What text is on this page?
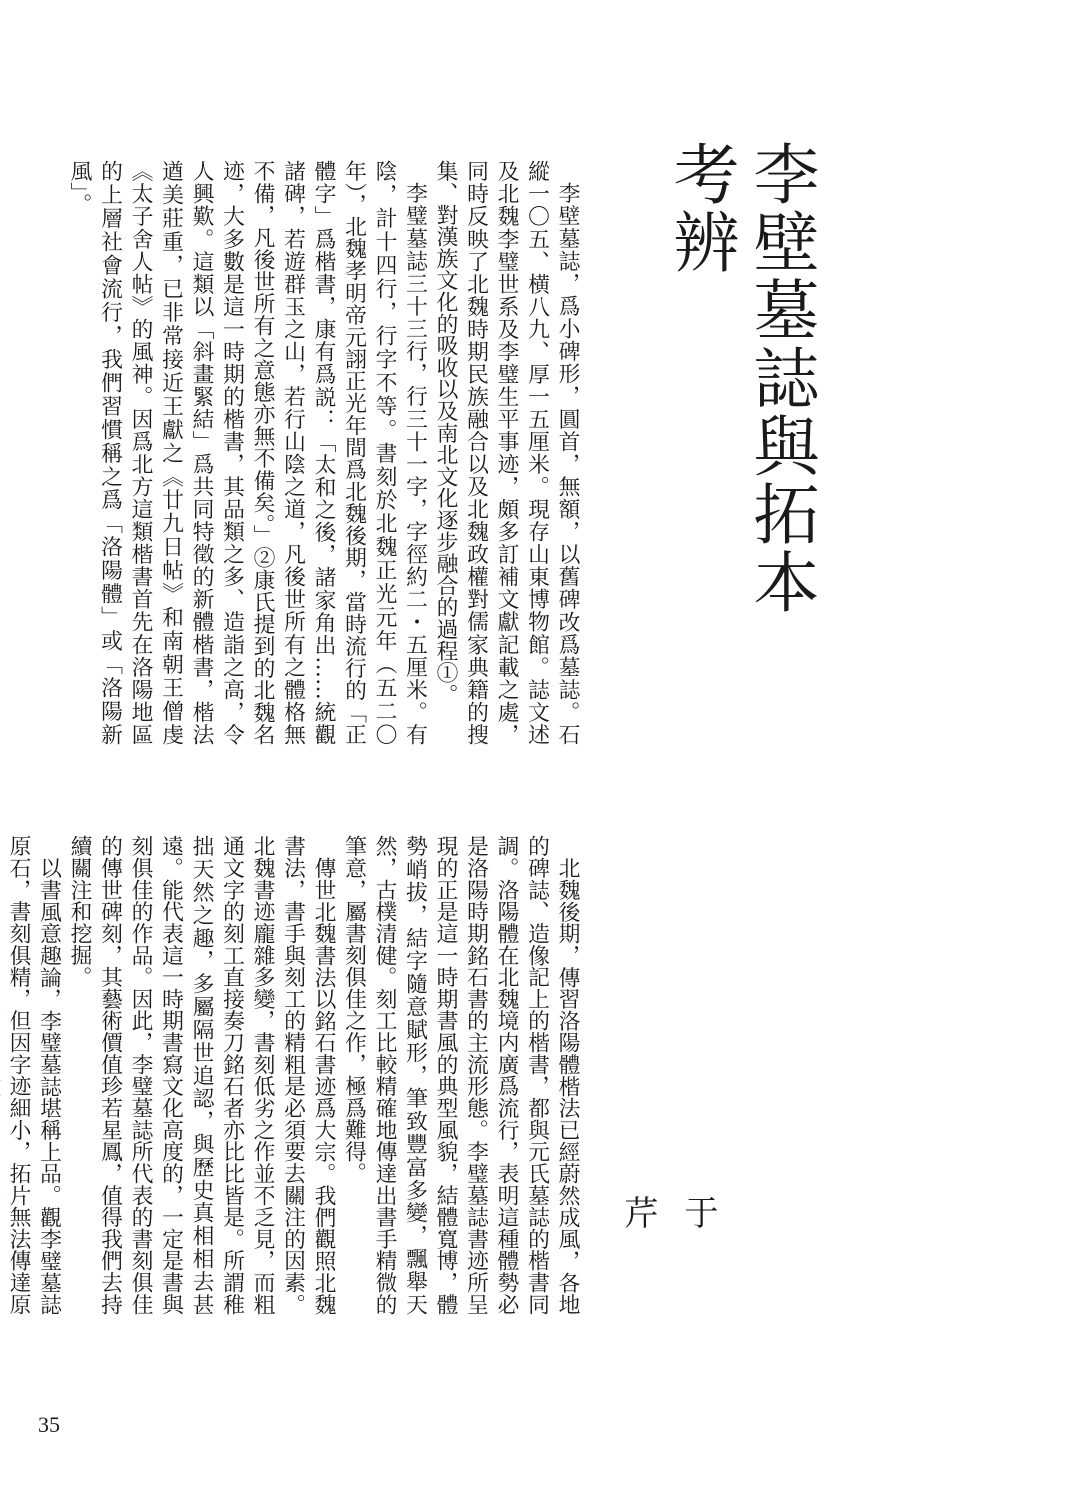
李壁墓誌與拓本考辨
于 芹

李壁墓誌，爲小碑形，圓首，無額，以舊碑改爲墓誌。石縱一〇五、横八九、厚一五厘米。現存山東博物館。誌文述及北魏李璧世系及李璧生平事迹，頗多訂補文獻記載之處，同時反映了北魏時期民族融合以及北魏政權對儒家典籍的搜集、對漢族文化的吸收以及南北文化逐步融合的過程①。

李璧墓誌三十三行，行三十一字，字徑約二・五厘米。有陰，計十四行，行字不等。書刻於北魏正光元年（五二〇年），北魏孝明帝元詡正光年間爲北魏後期，當時流行的「正體字」爲楷書，康有爲説：「太和之後，諸家角出……統觀諸碑，若遊群玉之山，若行山陰之道，凡後世所有之體格無不備，凡後世所有之意態亦無不備矣。」②康氏提到的北魏名迹，大多數是這一時期的楷書，其品類之多、造詣之高，令人興歎。這類以「斜畫緊結」爲共同特徵的新體楷書，楷法遒美莊重，已非常接近王獻之《廿九日帖》和南朝王僧虔《太子舍人帖》的風神。因爲北方這類楷書首先在洛陽地區的上層社會流行，我們習慣稱之爲「洛陽體」或「洛陽新風」。

北魏後期，傳習洛陽體楷法已經蔚然成風，各地的碑誌、造像記上的楷書，都與元氏墓誌的楷書同調。洛陽體在北魏境内廣爲流行，表明這種體勢必是洛陽時期銘石書的主流形態。李璧墓誌書迹所呈現的正是這一時期書風的典型風貌，結體寬博，體勢峭拔，結字隨意賦形，筆致豐富多變，飄舉天然，古樸清健。刻工比較精確地傳達出書手精微的筆意，屬書刻俱佳之作，極爲難得。

傳世北魏書法以銘石書迹爲大宗。我們觀照北魏書法，書手與刻工的精粗是必須要去關注的因素。北魏書迹龐雜多變，書刻低劣之作並不乏見，而粗通文字的刻工直接奏刀銘石者亦比比皆是。所謂稚拙天然之趣，多屬隔世追認，與歷史真相相去甚遠。能代表這一時期書寫文化高度的，一定是書與刻俱佳的作品。因此，李璧墓誌所代表的書刻俱佳的傳世碑刻，其藝術價值珍若星鳳，值得我們去持續關注和挖掘。

以書風意趣論，李璧墓誌堪稱上品。觀李璧墓誌原石，書刻俱精，但因字迹細小，拓片無法傳達原

35
